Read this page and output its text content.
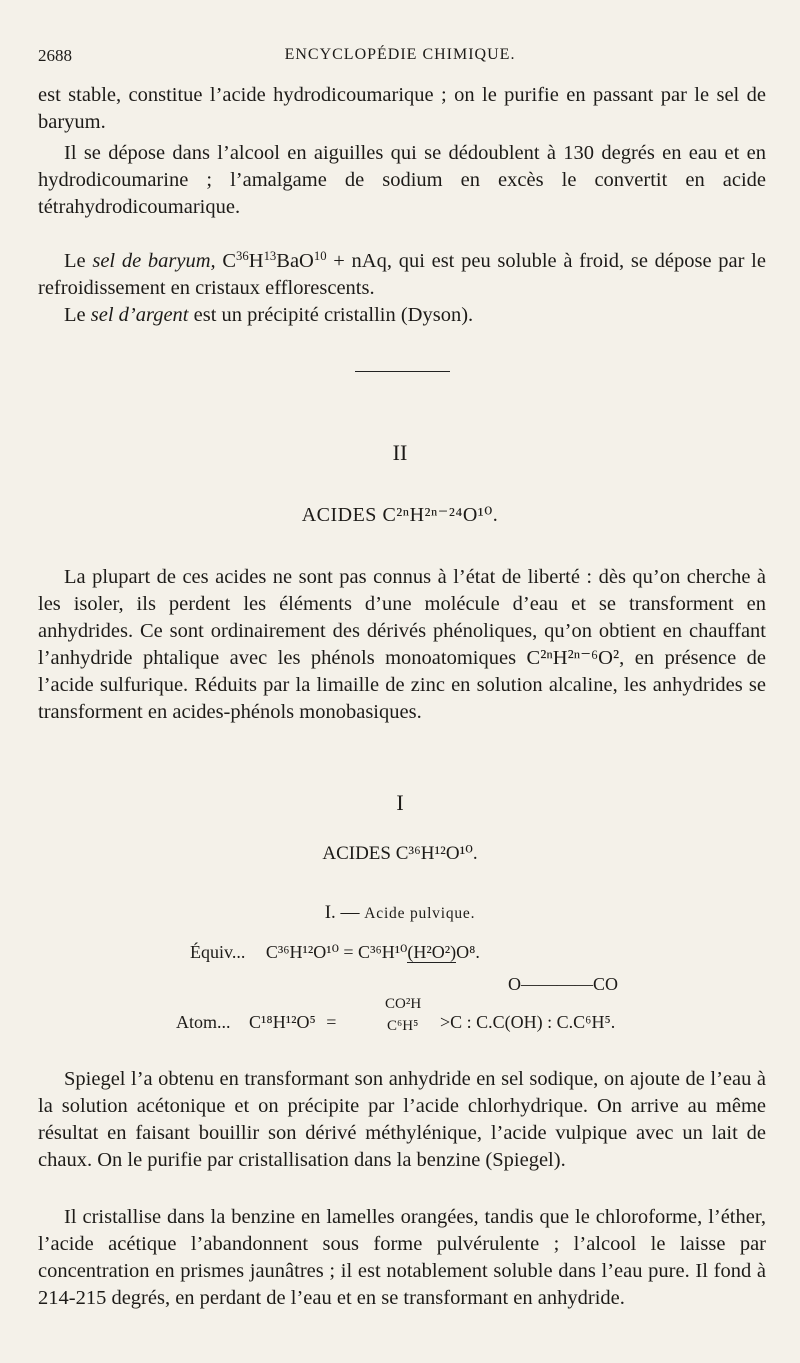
2688	ENCYCLOPÉDIE CHIMIQUE.

est stable, constitue l’acide hydrodicoumarique ; on le purifie en passant par le sel de baryum.

Il se dépose dans l’alcool en aiguilles qui se dédoublent à 130 degrés en eau et en hydrodicoumarine ; l’amalgame de sodium en excès le convertit en acide tétrahydrodicoumarique.

Le sel de baryum, $C^{36}H^{13}BaO^{10}$ + nAq, qui est peu soluble à froid, se dépose par le refroidissement en cristaux efflorescents.

Le sel d’argent est un précipité cristallin (Dyson).

II

ACIDES C²ⁿH²ⁿ⁻²⁴O¹⁰.

La plupart de ces acides ne sont pas connus à l’état de liberté : dès qu’on cherche à les isoler, ils perdent les éléments d’une molécule d’eau et se transforment en anhydrides. Ce sont ordinairement des dérivés phénoliques, qu’on obtient en chauffant l’anhydride phtalique avec les phénols monoatomiques C²ⁿH²ⁿ⁻⁶O², en présence de l’acide sulfurique. Réduits par la limaille de zinc en solution alcaline, les anhydrides se transforment en acides-phénols monobasiques.

I

ACIDES C³⁶H¹²O¹⁰.

I. — Acide pulvique.

Équiv... C³⁶H¹²O¹⁰ = C³⁶H¹⁰(H²O²)O⁸.
O————CO
Atom... C¹⁸H¹²O⁵ =
CO²H
C⁶H⁵ >C : C.C(OH) : C.C⁶H⁵.

Spiegel l’a obtenu en transformant son anhydride en sel sodique, on ajoute de l’eau à la solution acétonique et on précipite par l’acide chlorhydrique. On arrive au même résultat en faisant bouillir son dérivé méthylénique, l’acide vulpique avec un lait de chaux. On le purifie par cristallisation dans la benzine (Spiegel).

Il cristallise dans la benzine en lamelles orangées, tandis que le chloroforme, l’éther, l’acide acétique l’abandonnent sous forme pulvérulente ; l’alcool le laisse par concentration en prismes jaunâtres ; il est notablement soluble dans l’eau pure. Il fond à 214-215 degrés, en perdant de l’eau et en se transformant en anhydride.
